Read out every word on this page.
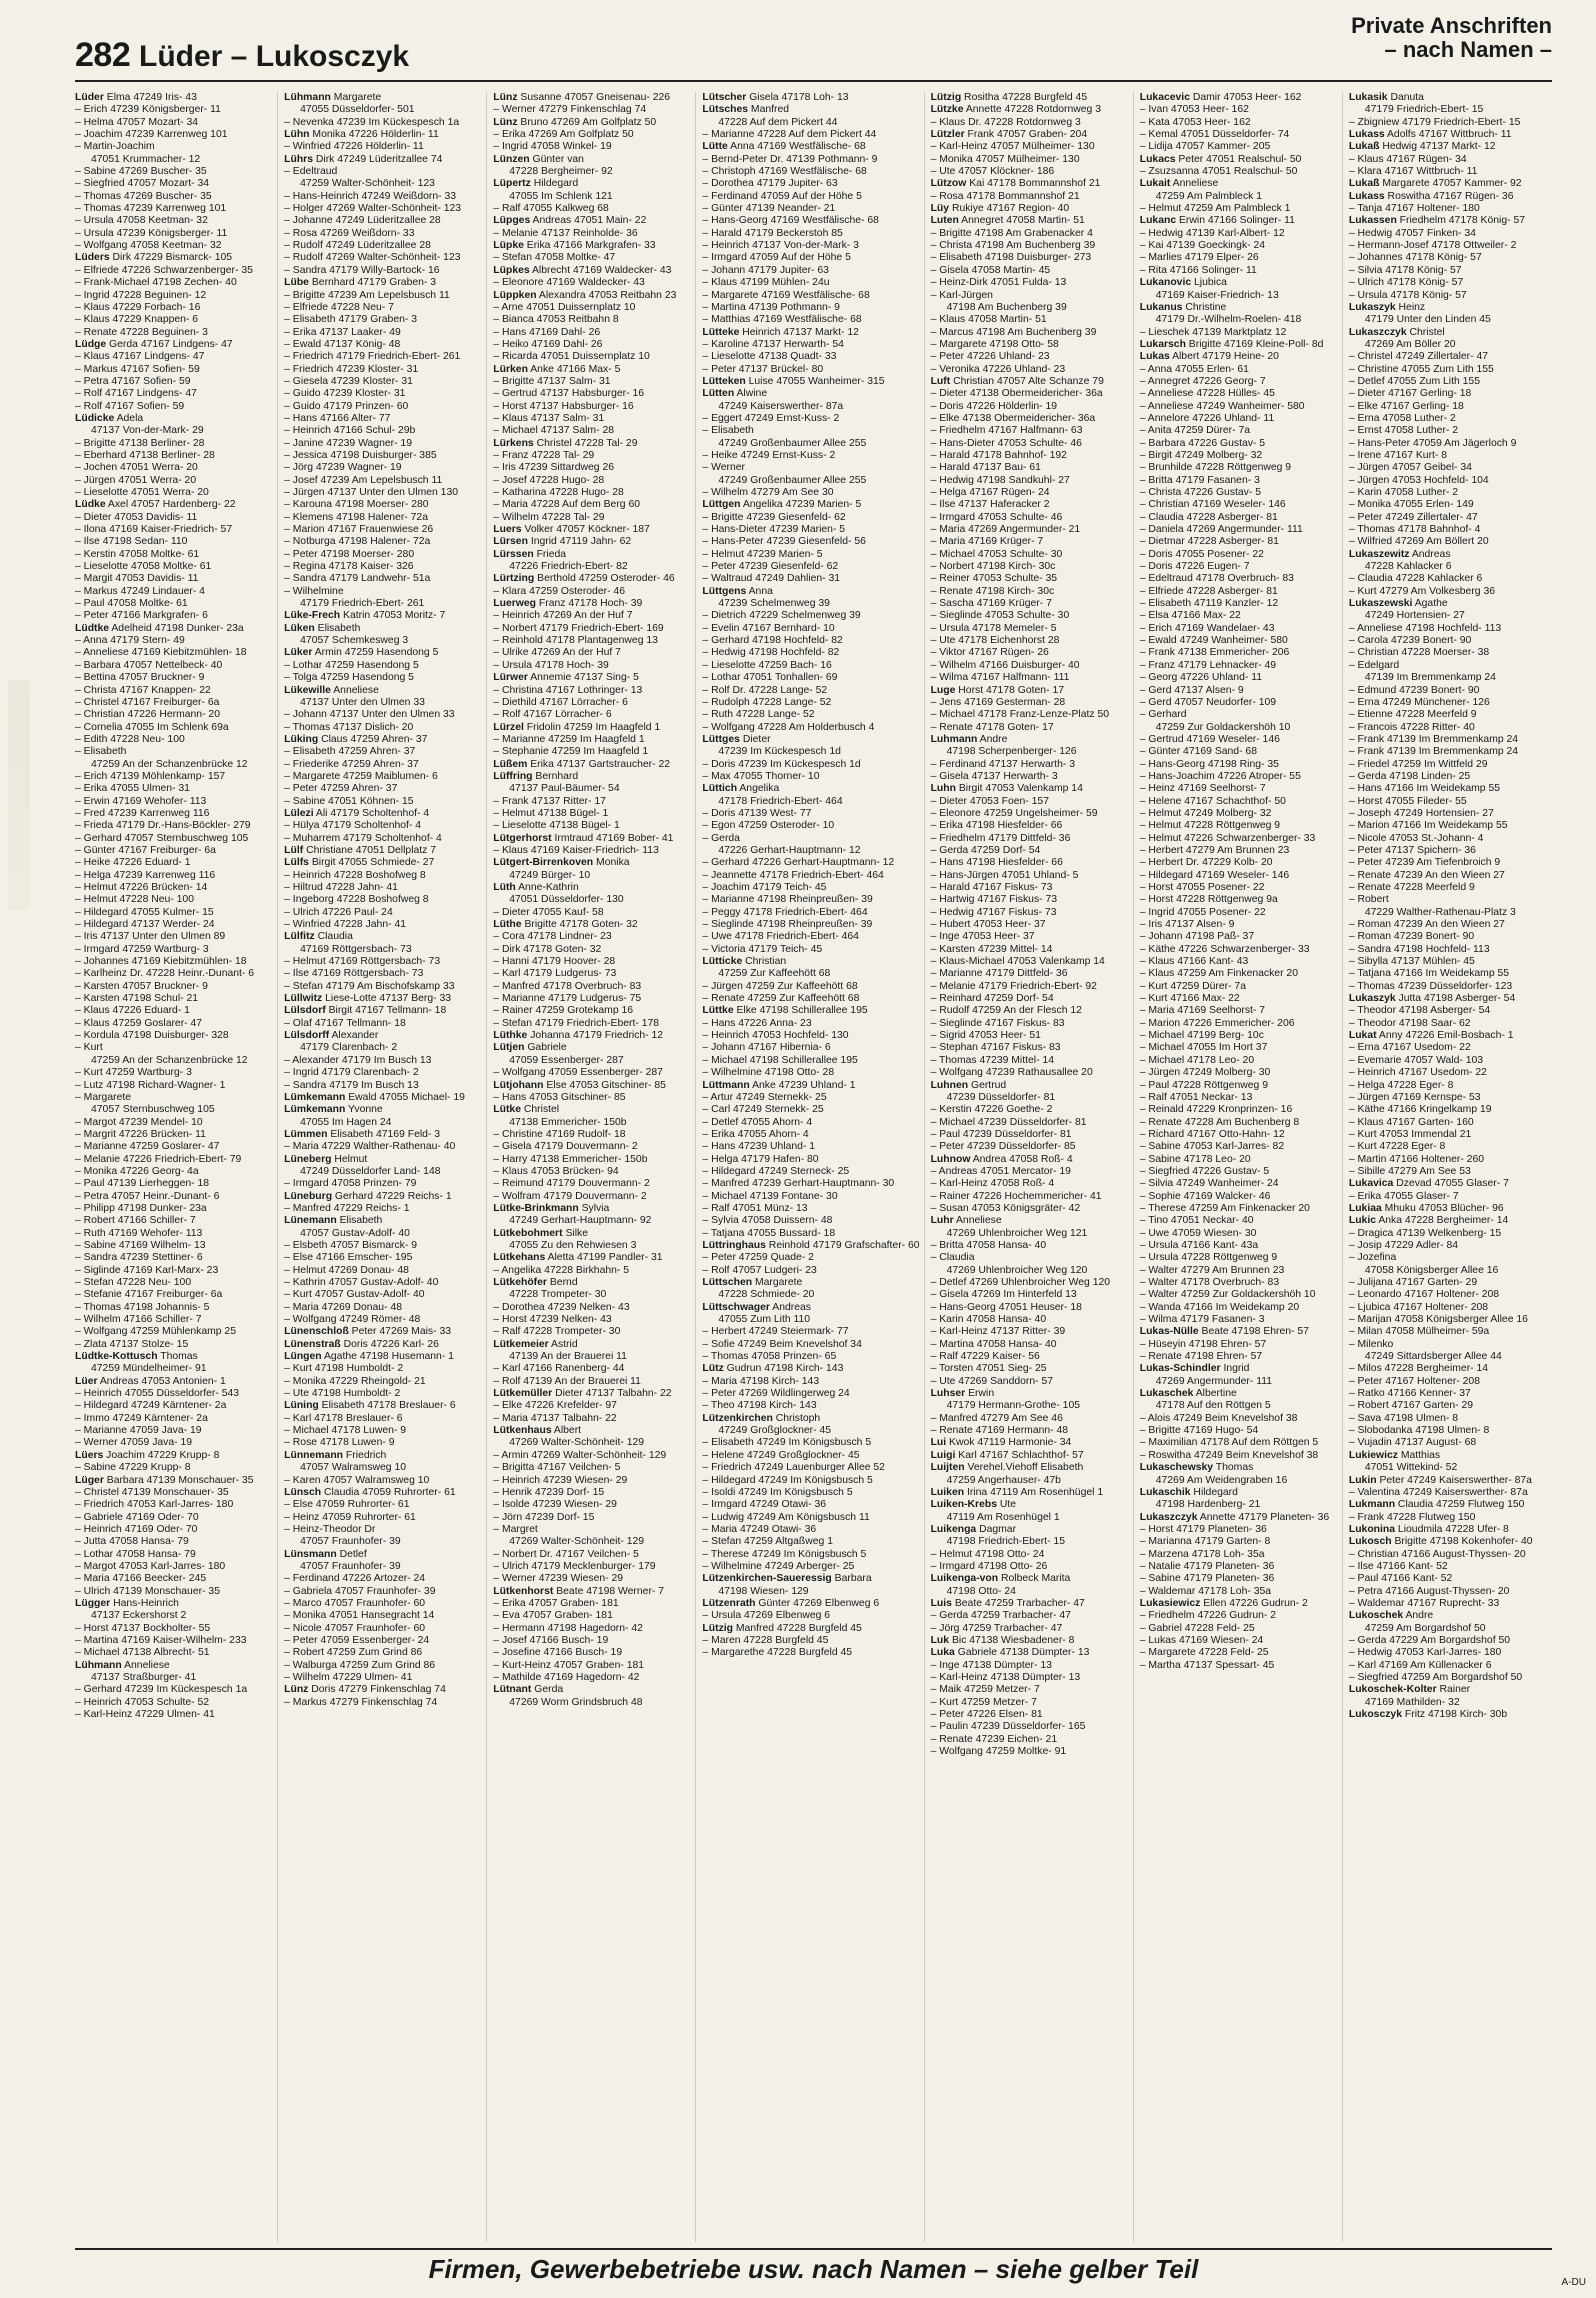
282 Lüder – Lukosczyk
Private Anschriften
– nach Namen –
Lüder Elma 47249 Iris- 43
– Erich 47239 Königsberger- 11
– Helma 47057 Mozart- 34
– Joachim 47239 Karrenweg 101
– Martin-Joachim
47051 Krummacher- 12
– Sabine 47269 Buscher- 35
– Siegfried 47057 Mozart- 34
– Thomas 47269 Buscher- 35
– Thomas 47239 Karrenweg 101
– Ursula 47058 Keetman- 32
– Ursula 47239 Königsberger- 11
– Wolfgang 47058 Keetman- 32
Lüders Dirk 47229 Bismarck- 105
– Elfriede 47226 Schwarzenberger- 35
– Frank-Michael 47198 Zechen- 40
– Ingrid 47228 Beguinen- 12
– Klaus 47229 Forbach- 16
– Klaus 47229 Knappen- 6
– Renate 47228 Beguinen- 3
Lüdge Gerda 47167 Lindgens- 47
– Klaus 47167 Lindgens- 47
– Markus 47167 Sofien- 59
– Petra 47167 Sofien- 59
– Rolf 47167 Lindgens- 47
– Rolf 47167 Sofien- 59
Lüdicke Adela
47137 Von-der-Mark- 29
– Brigitte 47138 Berliner- 28
– Eberhard 47138 Berliner- 28
– Jochen 47051 Werra- 20
– Jürgen 47051 Werra- 20
– Lieselotte 47051 Werra- 20
Lüdke Axel 47057 Hardenberg- 22
– Dieter 47053 Davidis- 11
– Ilona 47169 Kaiser-Friedrich- 57
– Ilse 47198 Sedan- 110
– Kerstin 47058 Moltke- 61
– Lieselotte 47058 Moltke- 61
– Margit 47053 Davidis- 11
– Markus 47249 Lindauer- 4
– Paul 47058 Moltke- 61
– Peter 47166 Markgrafen- 6
Lüdtke Adelheid 47198 Dunker- 23a
– Anna 47179 Stern- 49
– Anneliese 47169 Kiebitzmühlen- 18
– Barbara 47057 Nettelbeck- 40
– Bettina 47057 Bruckner- 9
– Christa 47167 Knappen- 22
– Christel 47167 Freiburger- 6a
– Christian 47226 Hermann- 20
– Cornelia 47055 Im Schlenk 69a
– Edith 47228 Neu- 100
– Elisabeth
47259 An der Schanzenbrücke 12
– Erich 47139 Möhlenkamp- 157
– Erika 47055 Ulmen- 31
– Erwin 47169 Wehofer- 113
– Fred 47239 Karrenweg 116
– Frieda 47179 Dr.-Hans-Böckler- 279
– Gerhard 47057 Sternbuschweg 105
– Günter 47167 Freiburger- 6a
– Heike 47226 Eduard- 1
– Helga 47239 Karrenweg 116
– Helmut 47226 Brücken- 14
– Helmut 47228 Neu- 100
– Hildegard 47055 Kulmer- 15
– Hildegard 47137 Werder- 24
– Iris 47137 Unter den Ulmen 89
– Irmgard 47259 Wartburg- 3
– Johannes 47169 Kiebitzmühlen- 18
– Karlheinz Dr. 47228 Heinr.-Dunant- 6
– Karsten 47057 Bruckner- 9
– Karsten 47198 Schul- 21
– Klaus 47226 Eduard- 1
– Klaus 47259 Goslarer- 47
– Kordula 47198 Duisburger- 328
– Kurt
47259 An der Schanzenbrücke 12
– Kurt 47259 Wartburg- 3
– Lutz 47198 Richard-Wagner- 1
– Margarete
47057 Sternbuschweg 105
– Margot 47239 Mendel- 10
– Margrit 47226 Brücken- 11
– Marianne 47259 Goslarer- 47
– Melanie 47226 Friedrich-Ebert- 79
– Monika 47226 Georg- 4a
– Paul 47139 Lierheggen- 18
– Petra 47057 Heinr.-Dunant- 6
– Philipp 47198 Dunker- 23a
– Robert 47166 Schiller- 7
– Ruth 47169 Wehofer- 113
– Sabine 47169 Wilhelm- 13
– Sandra 47239 Stettiner- 6
– Siglinde 47169 Karl-Marx- 23
– Stefan 47228 Neu- 100
– Stefanie 47167 Freiburger- 6a
– Thomas 47198 Johannis- 5
– Wilhelm 47166 Schiller- 7
– Wolfgang 47259 Mühlenkamp 25
– Zlata 47137 Stolze- 15
Lüdtke-Kottusch Thomas
47259 Mündelheimer- 91
Lüer Andreas 47053 Antonien- 1
– Heinrich 47055 Düsseldorfer- 543
– Hildegard 47249 Kärntener- 2a
– Immo 47249 Kärntener- 2a
– Marianne 47059 Java- 19
– Werner 47059 Java- 19
Lüers Joachim 47229 Krupp- 8
– Sabine 47229 Krupp- 8
Lüger Barbara 47139 Monschauer- 35
– Christel 47139 Monschauer- 35
– Friedrich 47053 Karl-Jarres- 180
– Gabriele 47169 Oder- 70
– Heinrich 47169 Oder- 70
– Jutta 47058 Hansa- 79
– Lothar 47058 Hansa- 79
– Margot 47053 Karl-Jarres- 180
– Maria 47166 Beecker- 245
– Ulrich 47139 Monschauer- 35
Lügger Hans-Heinrich
47137 Eckershorst 2
– Horst 47137 Bockholter- 55
– Martina 47169 Kaiser-Wilhelm- 233
– Michael 47138 Albrecht- 51
Lühmann Anneliese
47137 Straßburger- 41
– Gerhard 47239 Im Kückespesch 1a
– Heinrich 47053 Schulte- 52
– Karl-Heinz 47229 Ulmen- 41
Lühmann Margarete
47055 Düsseldorfer- 501
– Nevenka 47239 Im Kückespesch 1a
Lühn Monika 47226 Hölderlin- 11
– Winfried 47226 Hölderlin- 11
Lührs Dirk 47249 Lüderitzallee 74
– Edeltraud
47259 Walter-Schönheit- 123
– Hans-Heinrich 47249 Weißdorn- 33
– Holger 47269 Walter-Schönheit- 123
– Johanne 47249 Lüderitzallee 28
– Rosa 47269 Weißdorn- 33
– Rudolf 47249 Lüderitzallee 28
– Rudolf 47269 Walter-Schönheit- 123
– Sandra 47179 Willy-Bartock- 16
Lübe Bernhard 47179 Graben- 3
– Brigitte 47239 Am Lepelsbusch 11
– Elfriede 47228 Neu- 7
– Elisabeth 47179 Graben- 3
– Erika 47137 Laaker- 49
– Ewald 47137 König- 48
– Friedrich 47179 Friedrich-Ebert- 261
– Friedrich 47239 Kloster- 31
– Giesela 47239 Kloster- 31
– Guido 47239 Kloster- 31
– Guido 47179 Prinzen- 60
– Hans 47166 Alter- 77
– Heinrich 47166 Schul- 29b
– Janine 47239 Wagner- 19
– Jessica 47198 Duisburger- 385
– Jörg 47239 Wagner- 19
– Josef 47239 Am Lepelsbusch 11
– Jürgen 47137 Unter den Ulmen 130
– Karouna 47198 Moerser- 280
– Klemens 47198 Halener- 72a
– Marion 47167 Frauenwiese 26
– Notburga 47198 Halener- 72a
– Peter 47198 Moerser- 280
– Regina 47178 Kaiser- 326
– Sandra 47179 Landwehr- 51a
– Wilhelmine
47179 Friedrich-Ebert- 261
Lüke-Frech Katrin 47053 Moritz- 7
Lüken Elisabeth
47057 Schemkesweg 3
Lüker Armin 47259 Hasendong 5
– Lothar 47259 Hasendong 5
– Tolga 47259 Hasendong 5
Lükewille Anneliese
47137 Unter den Ulmen 33
– Johann 47137 Unter den Ulmen 33
– Thomas 47137 Dislich- 20
Lüking Claus 47259 Ahren- 37
– Elisabeth 47259 Ahren- 37
– Friederike 47259 Ahren- 37
– Margarete 47259 Maiblumen- 6
– Peter 47259 Ahren- 37
– Sabine 47051 Köhnen- 15
Lülezi Ali 47179 Scholtenhof- 4
– Hülya 47179 Scholtenhof- 4
– Muharrem 47179 Scholtenhof- 4
Lülf Christiane 47051 Dellplatz 7
Lülfs Birgit 47055 Schmiede- 27
– Heinrich 47228 Boshofweg 8
– Hiltrud 47228 Jahn- 41
– Ingeborg 47228 Boshofweg 8
– Ulrich 47226 Paul- 24
– Winfried 47228 Jahn- 41
Lülfitz Claudia
47169 Röttgersbach- 73
– Helmut 47169 Röttgersbach- 73
– Ilse 47169 Röttgersbach- 73
– Stefan 47179 Am Bischofskamp 33
Lüllwitz Liese-Lotte 47137 Berg- 33
Lülsdorf Birgit 47167 Tellmann- 18
– Olaf 47167 Tellmann- 18
Lülsdorff Alexander
47179 Clarenbach- 2
– Alexander 47179 Im Busch 13
– Ingrid 47179 Clarenbach- 2
– Sandra 47179 Im Busch 13
Lümkemann Ewald 47055 Michael- 19
Lümkemann Yvonne
47055 Im Hagen 24
Lümmen Elisabeth 47169 Feld- 3
– Maria 47229 Walther-Rathenau- 40
Lüneberg Helmut
47249 Düsseldorfer Land- 148
– Irmgard 47058 Prinzen- 79
Lüneburg Gerhard 47229 Reichs- 1
– Manfred 47229 Reichs- 1
Lünemann Elisabeth
47057 Gustav-Adolf- 40
– Elsbeth 47057 Bismarck- 9
– Else 47166 Emscher- 195
– Helmut 47269 Donau- 48
– Kathrin 47057 Gustav-Adolf- 40
– Kurt 47057 Gustav-Adolf- 40
– Maria 47269 Donau- 48
– Wolfgang 47249 Römer- 48
Lünenschloß Peter 47269 Mais- 33
Lünenstraß Doris 47226 Karl- 26
Lüngen Agathe 47198 Husemann- 1
– Kurt 47198 Humboldt- 2
– Monika 47229 Rheingold- 21
– Ute 47198 Humboldt- 2
Lüning Elisabeth 47178 Breslauer- 6
– Karl 47178 Breslauer- 6
– Michael 47178 Luwen- 9
– Rose 47178 Luwen- 9
Lünnemann Friedrich
47057 Walramsweg 10
– Karen 47057 Walramsweg 10
Lünsch Claudia 47059 Ruhrorter- 61
– Else 47059 Ruhrorter- 61
– Heinz 47059 Ruhrorter- 61
– Heinz-Theodor Dr
47057 Fraunhofer- 39
Lünsmann Detlef
47057 Fraunhofer- 39
– Ferdinand 47226 Artozer- 24
– Gabriela 47057 Fraunhofer- 39
– Marco 47057 Fraunhofer- 60
– Monika 47051 Hansegracht 14
– Nicole 47057 Fraunhofer- 60
– Peter 47059 Essenberger- 24
– Robert 47259 Zum Grind 86
– Walburga 47259 Zum Grind 86
– Wilhelm 47229 Ulmen- 41
Lünz Doris 47279 Finkenschlag 74
– Markus 47279 Finkenschlag 74
Lünz Susanne 47057 Gneisenau- 226
– Werner 47279 Finkenschlag 74
Lünz Bruno 47269 Am Golfplatz 50
– Erika 47269 Am Golfplatz 50
– Ingrid 47058 Winkel- 19
Lünzen Günter van
47228 Bergheimer- 92
Lüpertz Hildegard
47055 Im Schlenk 121
– Ralf 47055 Kalkweg 68
Lüpges Andreas 47051 Main- 22
– Melanie 47137 Reinholde- 36
Lüpke Erika 47166 Markgrafen- 33
– Stefan 47058 Moltke- 47
Lüpkes Albrecht 47169 Waldecker- 43
– Eleonore 47169 Waldecker- 43
Lüppken Alexandra 47053 Reitbahn 23
– Arne 47051 Duissernplatz 10
– Bianca 47053 Reitbahn 8
– Hans 47169 Dahl- 26
– Heiko 47169 Dahl- 26
– Ricarda 47051 Duissernplatz 10
Lürken Anke 47166 Max- 5
– Brigitte 47137 Salm- 31
– Gertrud 47137 Habsburger- 16
– Horst 47137 Habsburger- 16
– Klaus 47137 Salm- 31
– Michael 47137 Salm- 28
Lürkens Christel 47228 Tal- 29
– Franz 47228 Tal- 29
– Iris 47239 Sittardweg 26
– Josef 47228 Hugo- 28
– Katharina 47228 Hugo- 28
– Maria 47228 Auf dem Berg 60
– Wilhelm 47228 Tal- 29
Luers Volker 47057 Köckner- 187
Lürsen Ingrid 47119 Jahn- 62
Lürssen Frieda
47226 Friedrich-Ebert- 82
Lürtzing Berthold 47259 Osteroder- 46
– Klara 47259 Osteroder- 46
Luerweg Franz 47178 Hoch- 39
– Heinrich 47269 An der Huf 7
– Norbert 47179 Friedrich-Ebert- 169
– Reinhold 47178 Plantagenweg 13
– Ulrike 47269 An der Huf 7
– Ursula 47178 Hoch- 39
Lürwer Annemie 47137 Sing- 5
– Christina 47167 Lothringer- 13
– Diethild 47167 Lörracher- 6
– Rolf 47167 Lörracher- 6
Lürzel Fridolin 47259 Im Haagfeld 1
– Marianne 47259 Im Haagfeld 1
– Stephanie 47259 Im Haagfeld 1
Lüßem Erika 47137 Gartstraucher- 22
Lüffring Bernhard
47137 Paul-Bäumer- 54
– Frank 47137 Ritter- 17
– Helmut 47138 Bügel- 1
– Lieselotte 47138 Bügel- 1
Lütgerhorst Irmtraud 47169 Bober- 41
– Klaus 47169 Kaiser-Friedrich- 113
Lütgert-Birrenkoven Monika
47249 Bürger- 10
Lüth Anne-Kathrin
47051 Düsseldorfer- 130
– Dieter 47055 Kauf- 58
Lüthe Brigitte 47178 Goten- 32
– Cora 47178 Lindner- 23
– Dirk 47178 Goten- 32
– Hanni 47179 Hoover- 28
– Karl 47179 Ludgerus- 73
– Manfred 47178 Overbruch- 83
– Marianne 47179 Ludgerus- 75
– Rainer 47259 Grotekamp 16
– Stefan 47179 Friedrich-Ebert- 178
Lüthke Johanna 47179 Friedrich- 12
Lütjen Gabriele
47059 Essenberger- 287
– Wolfgang 47059 Essenberger- 287
Lütjohann Else 47053 Gitschiner- 85
– Hans 47053 Gitschiner- 85
Lütke Christel
47138 Emmericher- 150b
– Christine 47169 Rudolf- 18
– Gisela 47179 Douvermann- 2
– Harry 47138 Emmericher- 150b
– Klaus 47053 Brücken- 94
– Reimund 47179 Douvermann- 2
– Wolfram 47179 Douvermann- 2
Lütke-Brinkmann Sylvia
47249 Gerhart-Hauptmann- 92
Lütkebohmert Silke
47055 Zu den Rehwiesen 3
Lütkehans Aletta 47199 Pandler- 31
– Angelika 47228 Birkhahn- 5
Lütkehöfer Bernd
47228 Trompeter- 30
– Dorothea 47239 Nelken- 43
– Horst 47239 Nelken- 43
– Ralf 47228 Trompeter- 30
Lütkemeier Astrid
47139 An der Brauerei 11
– Karl 47166 Ranenberg- 44
– Rolf 47139 An der Brauerei 11
Lütkemüller Dieter 47137 Talbahn- 22
– Elke 47226 Krefelder- 97
– Maria 47137 Talbahn- 22
Lütkenhaus Albert
47269 Walter-Schönheit- 129
– Armin 47269 Walter-Schönheit- 129
– Brigitta 47167 Veilchen- 5
– Heinrich 47239 Wiesen- 29
– Henrik 47239 Dorf- 15
– Isolde 47239 Wiesen- 29
– Jörn 47239 Dorf- 15
– Margret
47269 Walter-Schönheit- 129
– Norbert Dr. 47167 Veilchen- 5
– Ulrich 47179 Mecklenburger- 179
– Werner 47239 Wiesen- 29
Lütkenhorst Beate 47198 Werner- 7
– Erika 47057 Graben- 181
– Eva 47057 Graben- 181
– Hermann 47198 Hagedorn- 42
– Josef 47166 Busch- 19
– Josefine 47166 Busch- 19
– Kurt-Heinz 47057 Graben- 181
– Mathilde 47169 Hagedorn- 42
Lütnant Gerda
47269 Worm Grindsbruch 48
Lütscher Gisela 47178 Loh- 13
Lütsches Manfred
47228 Auf dem Pickert 44
– Marianne 47228 Auf dem Pickert 44
Lütte Anna 47169 Westfälische- 68
– Bernd-Peter Dr. 47139 Pothmann- 9
– Christoph 47169 Westfälische- 68
– Dorothea 47179 Jupiter- 63
– Ferdinand 47059 Auf der Höhe 5
– Günter 47139 Neander- 21
– Hans-Georg 47169 Westfälische- 68
– Harald 47179 Beckerstoh 85
– Heinrich 47137 Von-der-Mark- 3
– Irmgard 47059 Auf der Höhe 5
– Johann 47179 Jupiter- 63
– Klaus 47199 Mühlen- 24u
– Margarete 47169 Westfälische- 68
– Martina 47139 Pothmann- 9
– Matthias 47169 Westfälische- 68
Lütteke Heinrich 47137 Markt- 12
– Karoline 47137 Herwarth- 54
– Lieselotte 47138 Quadt- 33
– Peter 47137 Brückel- 80
Lütteken Luise 47055 Wanheimer- 315
Lütten Alwine
47249 Kaiserswerther- 87a
– Eggert 47249 Ernst-Kuss- 2
– Elisabeth
47249 Großenbaumer Allee 255
– Heike 47249 Ernst-Kuss- 2
– Werner
47249 Großenbaumer Allee 255
– Wilhelm 47279 Am See 30
Lüttgen Angelika 47239 Marien- 5
– Brigitte 47239 Giesenfeld- 62
– Hans-Dieter 47239 Marien- 5
– Hans-Peter 47239 Giesenfeld- 56
– Helmut 47239 Marien- 5
– Peter 47239 Giesenfeld- 62
– Waltraud 47249 Dahlien- 31
Lüttgens Anna
47239 Schelmenweg 39
– Dietrich 47229 Schelmenweg 39
– Evelin 47167 Bernhard- 10
– Gerhard 47198 Hochfeld- 82
– Hedwig 47198 Hochfeld- 82
– Lieselotte 47259 Bach- 16
– Lothar 47051 Tonhallen- 69
– Rolf Dr. 47228 Lange- 52
– Rudolph 47228 Lange- 52
– Ruth 47228 Lange- 52
– Wolfgang 47228 Am Holderbusch 4
Lüttges Dieter
47239 Im Kückespesch 1d
– Doris 47239 Im Kückespesch 1d
– Max 47055 Thorner- 10
Lüttich Angelika
47178 Friedrich-Ebert- 464
– Doris 47139 West- 77
– Egon 47259 Osteroder- 10
– Gerda
47226 Gerhart-Hauptmann- 12
– Gerhard 47226 Gerhart-Hauptmann- 12
– Jeannette 47178 Friedrich-Ebert- 464
– Joachim 47179 Teich- 45
– Marianne 47198 Rheinpreußen- 39
– Peggy 47178 Friedrich-Ebert- 464
– Sieglinde 47198 Rheinpreußen- 39
– Uwe 47178 Friedrich-Ebert- 464
– Victoria 47179 Teich- 45
Lütticke Christian
47259 Zur Kaffeehött 68
– Jürgen 47259 Zur Kaffeehött 68
– Renate 47259 Zur Kaffeehött 68
Lüttke Elke 47198 Schillerallee 195
– Hans 47226 Anna- 23
– Heinrich 47053 Hochfeld- 130
– Johann 47167 Hibernia- 6
– Michael 47198 Schillerallee 195
– Wilhelmine 47198 Otto- 28
Lüttmann Anke 47239 Uhland- 1
– Artur 47249 Sternekk- 25
– Carl 47249 Sternekk- 25
– Detlef 47055 Ahorn- 4
– Erika 47055 Ahorn- 4
– Hans 47239 Uhland- 1
– Helga 47179 Hafen- 80
– Hildegard 47249 Sterneck- 25
– Manfred 47239 Gerhart-Hauptmann- 30
– Michael 47139 Fontane- 30
– Ralf 47051 Münz- 13
– Sylvia 47058 Duissern- 48
– Tatjana 47055 Bussard- 18
Lüttringhaus Reinhold 47179 Grafschafter- 60
– Peter 47259 Quade- 2
– Rolf 47057 Ludgeri- 23
Lüttschen Margarete
47228 Schmiede- 20
Lüttschwager Andreas
47055 Zum Lith 110
– Herbert 47249 Steiermark- 77
– Sofie 47249 Beim Knevelshof 34
– Thomas 47058 Prinzen- 65
Lütz Gudrun 47198 Kirch- 143
– Maria 47198 Kirch- 143
– Peter 47269 Wildlingerweg 24
– Theo 47198 Kirch- 143
Lützenkirchen Christoph
47249 Großglockner- 45
– Elisabeth 47249 Im Königsbusch 5
– Helene 47249 Großglockner- 45
– Friedrich 47249 Lauenburger Allee 52
– Hildegard 47249 Im Königsbusch 5
– Isoldi 47249 Im Königsbusch 5
– Irmgard 47249 Otawi- 36
– Ludwig 47249 Am Königsbusch 11
– Maria 47249 Otawi- 36
– Stefan 47259 Altgaßweg 1
– Therese 47249 Im Königsbusch 5
– Wilhelmine 47249 Arberger- 25
Lützenkirchen-Saueressig Barbara
47198 Wiesen- 129
Lützenrath Günter 47269 Elbenweg 6
– Ursula 47269 Elbenweg 6
Lützig Manfred 47228 Burgfeld 45
– Maren 47228 Burgfeld 45
– Margarethe 47228 Burgfeld 45
Lützig Rositha 47228 Burgfeld 45
Lützke Annette 47228 Rotdornweg 3
– Klaus Dr. 47228 Rotdornweg 3
Lützler Frank 47057 Graben- 204
– Karl-Heinz 47057 Mülheimer- 130
– Monika 47057 Mülheimer- 130
– Ute 47057 Klöckner- 186
Lützow Kai 47178 Bommannshof 21
– Rosa 47178 Bommannshof 21
Lüy Rukiye 47167 Region- 40
Luten Annegret 47058 Martin- 51
– Brigitte 47198 Am Grabenacker 4
– Christa 47198 Am Buchenberg 39
– Elisabeth 47198 Duisburger- 273
– Gisela 47058 Martin- 45
– Heinz-Dirk 47051 Fulda- 13
– Karl-Jürgen
47198 Am Buchenberg 39
– Klaus 47058 Martin- 51
– Marcus 47198 Am Buchenberg 39
– Margarete 47198 Otto- 58
– Peter 47226 Uhland- 23
– Veronika 47226 Uhland- 23
Luft Christian 47057 Alte Schanze 79
– Dieter 47138 Obermeidericher- 36a
– Doris 47226 Hölderlin- 19
– Elke 47138 Obermeidericher- 36a
– Friedhelm 47167 Halfmann- 63
– Hans-Dieter 47053 Schulte- 46
– Harald 47178 Bahnhof- 192
– Harald 47137 Bau- 61
– Hedwig 47198 Sandkuhl- 27
– Helga 47167 Rügen- 24
– Ilse 47137 Haferacker 2
– Irmgard 47053 Schulte- 46
– Maria 47269 Angermunder- 21
– Maria 47169 Krüger- 7
– Michael 47053 Schulte- 30
– Norbert 47198 Kirch- 30c
– Reiner 47053 Schulte- 35
– Renate 47198 Kirch- 30c
– Sascha 47169 Krüger- 7
– Sieglinde 47053 Schulte- 30
– Ursula 47178 Memeler- 5
– Ute 47178 Eichenhorst 28
– Viktor 47167 Rügen- 26
– Wilhelm 47166 Duisburger- 40
– Wilma 47167 Halfmann- 111
Luge Horst 47178 Goten- 17
– Jens 47169 Gesterman- 28
– Michael 47178 Franz-Lenze-Platz 50
– Renate 47178 Goten- 17
Luhmann Andre
47198 Scherpenberger- 126
– Ferdinand 47137 Herwarth- 3
– Gisela 47137 Herwarth- 3
Luhn Birgit 47053 Valenkamp 14
– Dieter 47053 Foen- 157
– Eleonore 47259 Ungelsheimer- 59
– Erika 47198 Hiesfelder- 66
– Friedhelm 47179 Dittfeld- 36
– Gerda 47259 Dorf- 54
– Hans 47198 Hiesfelder- 66
– Hans-Jürgen 47051 Uhland- 5
– Harald 47167 Fiskus- 73
– Hartwig 47167 Fiskus- 73
– Hedwig 47167 Fiskus- 73
– Hubert 47053 Heer- 37
– Inge 47053 Heer- 37
– Karsten 47239 Mittel- 14
– Klaus-Michael 47053 Valenkamp 14
– Marianne 47179 Dittfeld- 36
– Melanie 47179 Friedrich-Ebert- 92
– Reinhard 47259 Dorf- 54
– Rudolf 47259 An der Flesch 12
– Sieglinde 47167 Fiskus- 83
– Sigrid 47053 Heer- 51
– Stephan 47167 Fiskus- 83
– Thomas 47239 Mittel- 14
– Wolfgang 47239 Rathausallee 20
Luhnen Gertrud
47239 Düsseldorfer- 81
– Kerstin 47226 Goethe- 2
– Michael 47239 Düsseldorfer- 81
– Paul 47239 Düsseldorfer- 81
– Peter 47239 Düsseldorfer- 85
Luhnow Andrea 47058 Roß- 4
– Andreas 47051 Mercator- 19
– Karl-Heinz 47058 Roß- 4
– Rainer 47226 Hochemmericher- 41
– Susan 47053 Königsgräter- 42
Luhr Anneliese
47269 Uhlenbroicher Weg 121
– Britta 47058 Hansa- 40
– Claudia
47269 Uhlenbroicher Weg 120
– Detlef 47269 Uhlenbroicher Weg 120
– Gisela 47269 Im Hinterfeld 13
– Hans-Georg 47051 Heuser- 18
– Karin 47058 Hansa- 40
– Karl-Heinz 47137 Ritter- 39
– Martina 47058 Hansa- 40
– Ralf 47229 Kaiser- 56
– Torsten 47051 Sieg- 25
– Ute 47269 Sanddorn- 57
Luhser Erwin
47179 Hermann-Grothe- 105
– Manfred 47279 Am See 46
– Renate 47169 Hermann- 48
Lui Kwok 47119 Harmonie- 34
Luigi Karl 47167 Schlachthof- 57
Luijten Verehel.Viehoff Elisabeth
47259 Angerhauser- 47b
Luiken Irina 47119 Am Rosenhügel 1
Luiken-Krebs Ute
47119 Am Rosenhügel 1
Luikenga Dagmar
47198 Friedrich-Ebert- 15
– Helmut 47198 Otto- 24
– Irmgard 47198 Otto- 26
Luikenga-von Rolbeck Marita
47198 Otto- 24
Luis Beate 47259 Trarbacher- 47
– Gerda 47259 Trarbacher- 47
– Jörg 47259 Trarbacher- 47
Luk Bic 47138 Wiesbadener- 8
Luka Gabriele 47138 Dümpter- 13
– Inge 47138 Dümpter- 13
– Karl-Heinz 47138 Dümpter- 13
– Maik 47259 Metzer- 7
– Kurt 47259 Metzer- 7
– Peter 47226 Elsen- 81
– Paulin 47239 Düsseldorfer- 165
– Renate 47239 Eichen- 21
– Wolfgang 47259 Moltke- 91
Lukacevic Damir 47053 Heer- 162
– Ivan 47053 Heer- 162
– Kata 47053 Heer- 162
– Kemal 47051 Düsseldorfer- 74
– Lidija 47057 Kammer- 205
Lukacs Peter 47051 Realschul- 50
– Zsuzsanna 47051 Realschul- 50
Lukait Anneliese
47259 Am Palmbleck 1
– Helmut 47259 Am Palmbleck 1
Lukanc Erwin 47166 Solinger- 11
– Hedwig 47139 Karl-Albert- 12
– Kai 47139 Goeckingk- 24
– Marlies 47179 Elper- 26
– Rita 47166 Solinger- 11
Lukanovic Ljubica
47169 Kaiser-Friedrich- 13
Lukanus Christine
47179 Dr.-Wilhelm-Roelen- 418
– Lieschek 47139 Marktplatz 12
Lukarsch Brigitte 47169 Kleine-Poll- 8d
Lukas Albert 47179 Heine- 20
– Anna 47055 Erlen- 61
– Annegret 47226 Georg- 7
– Anneliese 47228 Hülles- 45
– Anneliese 47249 Wanheimer- 580
– Annelore 47226 Uhland- 11
– Anita 47259 Dürer- 7a
– Barbara 47226 Gustav- 5
– Birgit 47249 Molberg- 32
– Brunhilde 47228 Röttgenweg 9
– Britta 47179 Fasanen- 3
– Christa 47226 Gustav- 5
– Christian 47169 Weseler- 146
– Claudia 47228 Asberger- 81
– Daniela 47269 Angermunder- 111
– Dietmar 47228 Asberger- 81
– Doris 47055 Posener- 22
– Doris 47226 Eugen- 7
– Edeltraud 47178 Overbruch- 83
– Elfriede 47228 Asberger- 81
– Elisabeth 47119 Kanzler- 12
– Elsa 47166 Max- 22
– Erich 47169 Wandelaer- 43
– Ewald 47249 Wanheimer- 580
– Frank 47138 Emmericher- 206
– Franz 47179 Lehnacker- 49
– Georg 47226 Uhland- 11
– Gerd 47137 Alsen- 9
– Gerd 47057 Neudorfer- 109
– Gerhard
47259 Zur Goldackershöh 10
– Gertrud 47169 Weseler- 146
– Günter 47169 Sand- 68
– Hans-Georg 47198 Ring- 35
– Hans-Joachim 47226 Atroper- 55
– Heinz 47169 Seelhorst- 7
– Helene 47167 Schachthof- 50
– Helmut 47249 Molberg- 32
– Helmut 47228 Röttgenweg 9
– Helmut 47226 Schwarzenberger- 33
– Herbert 47279 Am Brunnen 23
– Herbert Dr. 47229 Kolb- 20
– Hildegard 47169 Weseler- 146
– Horst 47055 Posener- 22
– Horst 47228 Röttgenweg 9a
– Ingrid 47055 Posener- 22
– Iris 47137 Alsen- 9
– Johann 47198 Paß- 37
– Käthe 47226 Schwarzenberger- 33
– Klaus 47166 Kant- 43
– Klaus 47259 Am Finkenacker 20
– Kurt 47259 Dürer- 7a
– Kurt 47166 Max- 22
– Maria 47169 Seelhorst- 7
– Marion 47226 Emmericher- 206
– Michael 47199 Berg- 10c
– Michael 47055 Im Hort 37
– Michael 47178 Leo- 20
– Jürgen 47249 Molberg- 30
– Paul 47228 Röttgenweg 9
– Ralf 47051 Neckar- 13
– Reinald 47229 Kronprinzen- 16
– Renate 47228 Am Buchenberg 8
– Richard 47167 Otto-Hahn- 12
– Sabine 47053 Karl-Jarres- 82
– Sabine 47178 Leo- 20
– Siegfried 47226 Gustav- 5
– Silvia 47249 Wanheimer- 24
– Sophie 47169 Walcker- 46
– Therese 47259 Am Finkenacker 20
– Tino 47051 Neckar- 40
– Uwe 47059 Wiesen- 30
– Ursula 47166 Kant- 43a
– Ursula 47228 Röttgenweg 9
– Walter 47279 Am Brunnen 23
– Walter 47178 Overbruch- 83
– Walter 47259 Zur Goldackershöh 10
– Wanda 47166 Im Weidekamp 20
– Wilma 47179 Fasanen- 3
Lukas-Nülle Beate 47198 Ehren- 57
– Hüseyin 47198 Ehren- 57
– Renate 47198 Ehren- 57
Lukas-Schindler Ingrid
47269 Angermunder- 111
Lukaschek Albertine
47178 Auf den Röttgen 5
– Alois 47249 Beim Knevelshof 38
– Brigitte 47169 Hugo- 54
– Maximilian 47178 Auf dem Röttgen 5
– Roswitha 47249 Beim Knevelshof 38
Lukaschewsky Thomas
47269 Am Weidengraben 16
Lukaschik Hildegard
47198 Hardenberg- 21
Lukaszczyk Annette 47179 Planeten- 36
– Horst 47179 Planeten- 36
– Marianna 47179 Garten- 8
– Marzena 47178 Loh- 35a
– Natalie 47179 Planeten- 36
– Sabine 47179 Planeten- 36
– Waldemar 47178 Loh- 35a
Lukasiewicz Ellen 47226 Gudrun- 2
– Friedhelm 47226 Gudrun- 2
– Gabriel 47228 Feld- 25
– Lukas 47169 Wiesen- 24
– Margarete 47228 Feld- 25
– Martha 47137 Spessart- 45
Lukasik Danuta
47179 Friedrich-Ebert- 15
– Zbigniew 47179 Friedrich-Ebert- 15
Lukass Adolfs 47167 Wittbruch- 11
Lukaß Hedwig 47137 Markt- 12
– Klaus 47167 Rügen- 34
– Klara 47167 Wittbruch- 11
Lukaß Margarete 47057 Kammer- 92
Lukass Roswitha 47167 Rügen- 36
– Tanja 47167 Holtener- 180
Lukassen Friedhelm 47178 König- 57
– Hedwig 47057 Finken- 34
– Hermann-Josef 47178 Ottweiler- 2
– Johannes 47178 König- 57
– Silvia 47178 König- 57
– Ulrich 47178 König- 57
– Ursula 47178 König- 57
Lukaszyk Heinz
47179 Unter den Linden 45
Lukaszczyk Christel
47269 Am Böller 20
– Christel 47249 Zillertaler- 47
– Christine 47055 Zum Lith 155
– Detlef 47055 Zum Lith 155
– Dieter 47167 Gerling- 18
– Elke 47167 Gerling- 18
– Erna 47058 Luther- 2
– Ernst 47058 Luther- 2
– Hans-Peter 47059 Am Jägerloch 9
– Irene 47167 Kurt- 8
– Jürgen 47057 Geibel- 34
– Jürgen 47053 Hochfeld- 104
– Karin 47058 Luther- 2
– Monika 47055 Erlen- 149
– Peter 47249 Zillertaler- 47
– Thomas 47178 Bahnhof- 4
– Wilfried 47269 Am Böllert 20
Lukaszewitz Andreas
47228 Kahlacker 6
– Claudia 47228 Kahlacker 6
– Kurt 47279 Am Volkesberg 36
Lukaszewski Agathe
47249 Hortensien- 27
– Anneliese 47198 Hochfeld- 113
– Carola 47239 Bonert- 90
– Christian 47228 Moerser- 38
– Edelgard
47139 Im Bremmenkamp 24
– Edmund 47239 Bonert- 90
– Erna 47249 Münchener- 126
– Etienne 47228 Meerfeld 9
– Francois 47228 Ritter- 40
– Frank 47139 Im Bremmenkamp 24
– Frank 47139 Im Bremmenkamp 24
– Friedel 47259 Im Wittfeld 29
– Gerda 47198 Linden- 25
– Hans 47166 Im Weidekamp 55
– Horst 47055 Fileder- 55
– Joseph 47249 Hortensien- 27
– Marion 47166 Im Weidekamp 55
– Nicole 47053 St.-Johann- 4
– Peter 47137 Spichern- 36
– Peter 47239 Am Tiefenbroich 9
– Renate 47239 An den Wieen 27
– Renate 47228 Meerfeld 9
– Robert
47229 Walther-Rathenau-Platz 3
– Roman 47239 An den Wieen 27
– Roman 47239 Bonert- 90
– Sandra 47198 Hochfeld- 113
– Sibylla 47137 Mühlen- 45
– Tatjana 47166 Im Weidekamp 55
– Thomas 47239 Düsseldorfer- 123
Lukaszyk Jutta 47198 Asberger- 54
– Theodor 47198 Asberger- 54
– Theodor 47198 Saar- 62
Lukat Anny 47226 Emil-Bosbach- 1
– Erna 47167 Usedom- 22
– Evemarie 47057 Wald- 103
– Heinrich 47167 Usedom- 22
– Helga 47228 Eger- 8
– Jürgen 47169 Kernspe- 53
– Käthe 47166 Kringelkamp 19
– Klaus 47167 Garten- 160
– Kurt 47053 Immendal 21
– Kurt 47228 Eger- 8
– Martin 47166 Holtener- 260
– Sibille 47279 Am See 53
Lukavica Dzevad 47055 Glaser- 7
– Erika 47055 Glaser- 7
Lukiaa Mhuku 47053 Blücher- 96
Lukic Anka 47228 Bergheimer- 14
– Dragica 47139 Welkenberg- 15
– Josip 47229 Adler- 84
– Jozefina
47058 Königsberger Allee 16
– Julijana 47167 Garten- 29
– Leonardo 47167 Holtener- 208
– Ljubica 47167 Holtener- 208
– Marijan 47058 Königsberger Allee 16
– Milan 47058 Mülheimer- 59a
– Milenko
47249 Sittardsberger Allee 44
– Milos 47228 Bergheimer- 14
– Peter 47167 Holtener- 208
– Ratko 47166 Kenner- 37
– Robert 47167 Garten- 29
– Sava 47198 Ulmen- 8
– Slobodanka 47198 Ulmen- 8
– Vujadin 47137 August- 68
Lukiewicz Matthias
47051 Wittekind- 52
Lukin Peter 47249 Kaiserswerther- 87a
– Valentina 47249 Kaiserswerther- 87a
Lukmann Claudia 47259 Flutweg 150
– Frank 47228 Flutweg 150
Lukonina Lioudmila 47228 Ufer- 8
Lukosch Brigitte 47198 Kokenhofer- 40
– Christian 47166 August-Thyssen- 20
– Ilse 47166 Kant- 52
– Paul 47166 Kant- 52
– Petra 47166 August-Thyssen- 20
– Waldemar 47167 Ruprecht- 33
Lukoschek Andre
47259 Am Borgardshof 50
– Gerda 47229 Am Borgardshof 50
– Hedwig 47053 Karl-Jarres- 180
– Karl 47169 Am Küllenacker 6
– Siegfried 47259 Am Borgardshof 50
Lukoschek-Kolter Rainer
47169 Mathilden- 32
Lukosczyk Fritz 47198 Kirch- 30b
Firmen, Gewerbebetriebe usw. nach Namen – siehe gelber Teil	A-DU
